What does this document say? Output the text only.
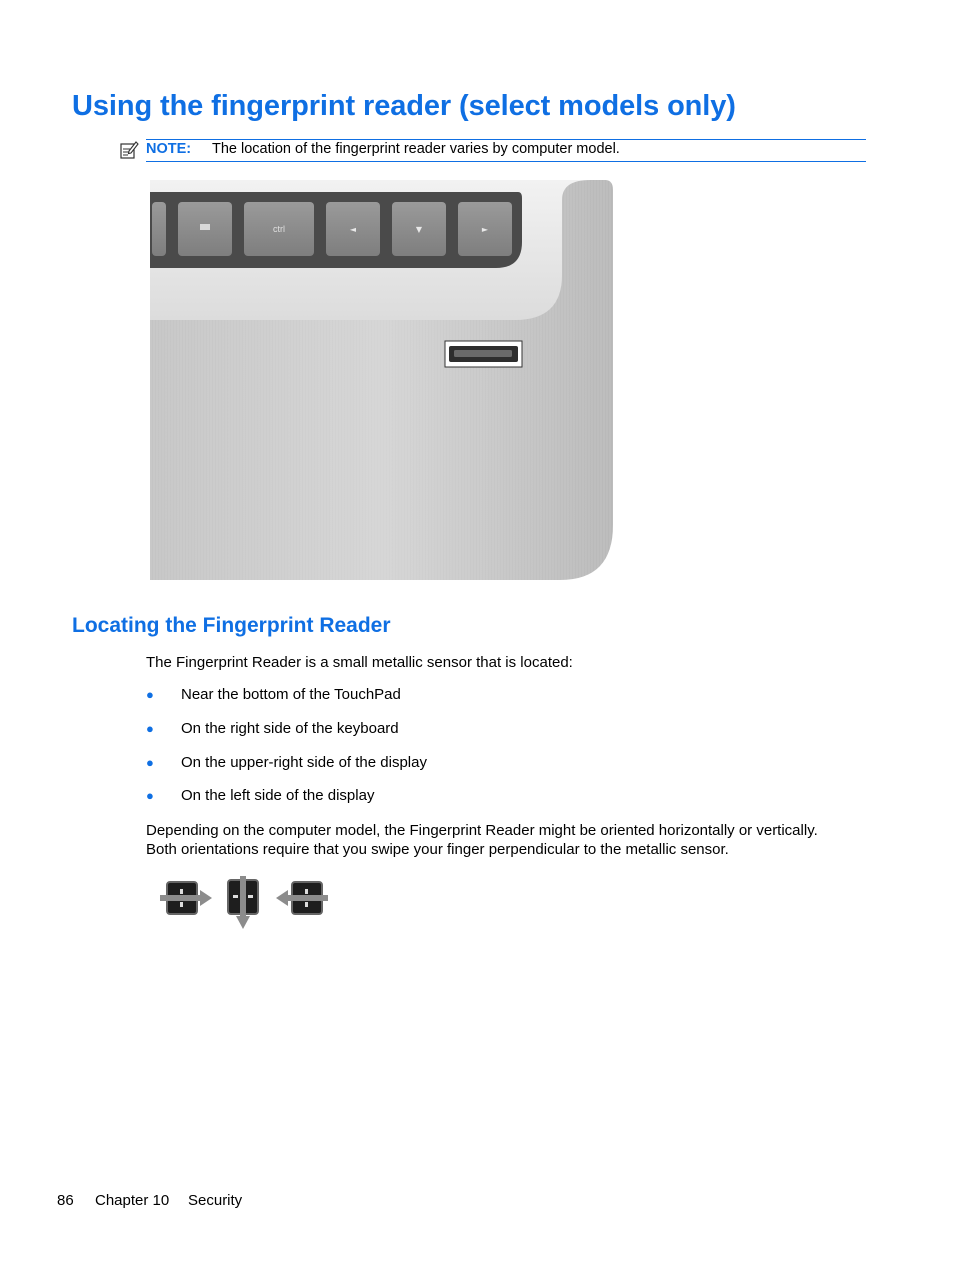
Using the fingerprint reader (select models only)
NOTE: The location of the fingerprint reader varies by computer model.
ctrl	◄	▼	►
Locating the Fingerprint Reader

The Fingerprint Reader is a small metallic sensor that is located:

● Near the bottom of the TouchPad
● On the right side of the keyboard
● On the upper-right side of the display
● On the left side of the display

Depending on the computer model, the Fingerprint Reader might be oriented horizontally or vertically.

Both orientations require that you swipe your finger perpendicular to the metallic sensor.

86 Chapter 10 Security
